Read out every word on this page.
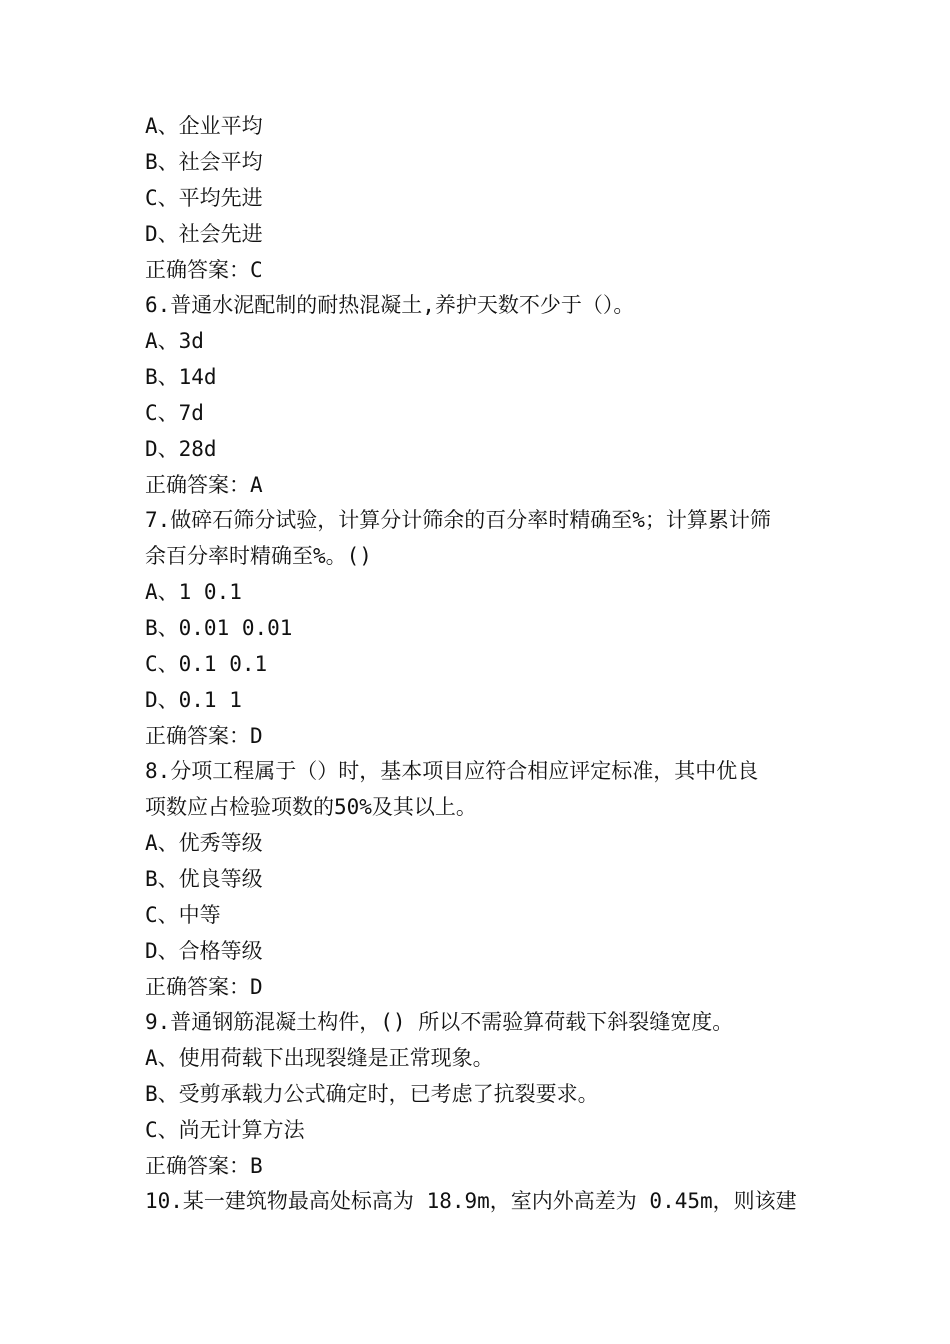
A、企业平均
B、社会平均
C、平均先进
D、社会先进
正确答案：C
6.普通水泥配制的耐热混凝土,养护天数不少于（）。
A、3d
B、14d
C、7d
D、28d
正确答案：A
7.做碎石筛分试验，计算分计筛余的百分率时精确至%；计算累计筛
余百分率时精确至%。()
A、1 0.1
B、0.01 0.01
C、0.1 0.1
D、0.1 1
正确答案：D
8.分项工程属于（）时，基本项目应符合相应评定标准，其中优良
项数应占检验项数的50%及其以上。
A、优秀等级
B、优良等级
C、中等
D、合格等级
正确答案：D
9.普通钢筋混凝土构件，() 所以不需验算荷载下斜裂缝宽度。
A、使用荷载下出现裂缝是正常现象。
B、受剪承载力公式确定时，已考虑了抗裂要求。
C、尚无计算方法
正确答案：B
10.某一建筑物最高处标高为 18.9m，室内外高差为 0.45m，则该建
